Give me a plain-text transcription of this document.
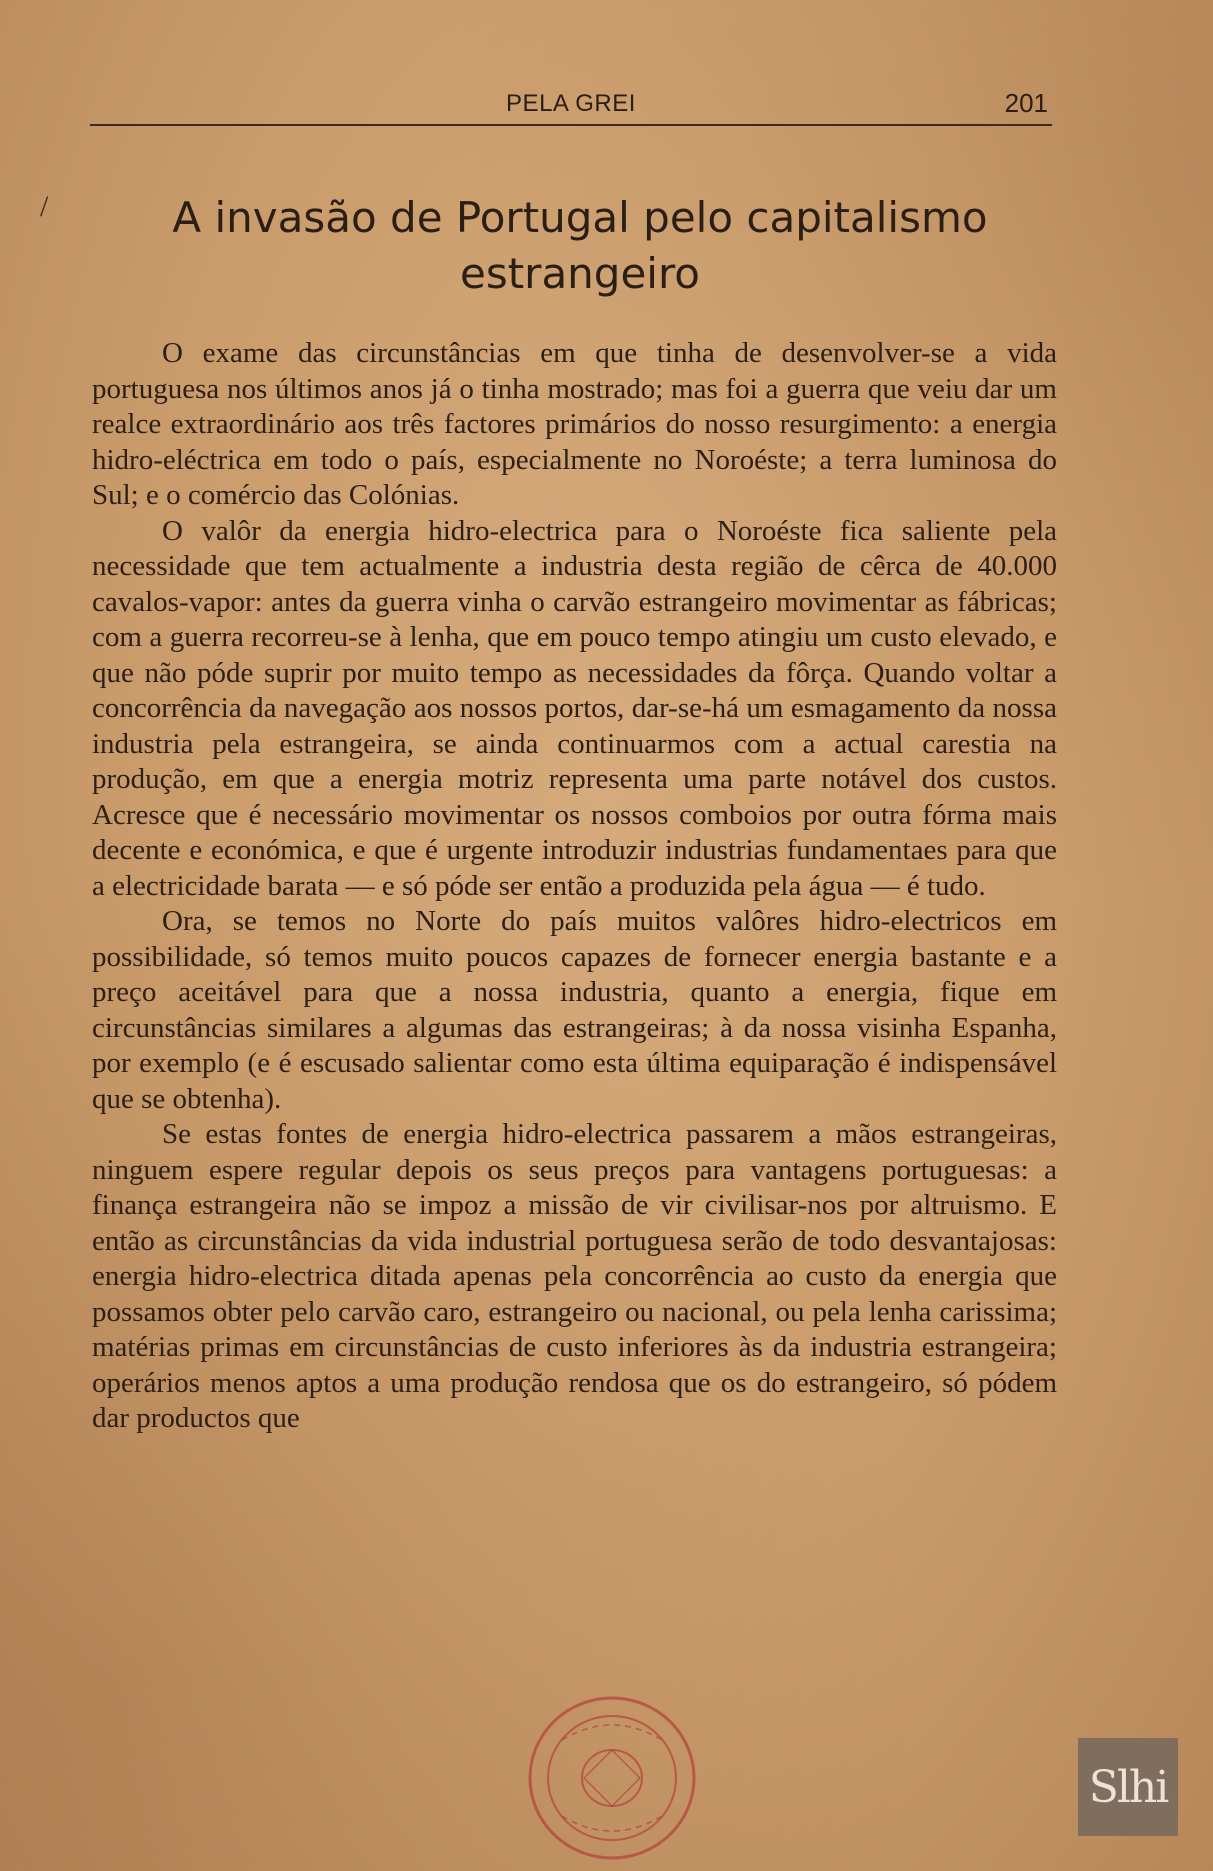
PELA GREI	201
/	A invasão de Portugal pelo capitalismo estrangeiro

O exame das circunstâncias em que tinha de desenvolver-se a vida portuguesa nos últimos anos já o tinha mostrado; mas foi a guerra que veiu dar um realce extraordinário aos três factores primários do nosso resurgimento: a energia hidro-eléctrica em todo o país, especialmente no Noroéste; a terra luminosa do Sul; e o comércio das Colónias.

O valôr da energia hidro-electrica para o Noroéste fica saliente pela necessidade que tem actualmente a industria desta região de cêrca de 40.000 cavalos-vapor: antes da guerra vinha o carvão estrangeiro movimentar as fábricas; com a guerra recorreu-se à lenha, que em pouco tempo atingiu um custo elevado, e que não póde suprir por muito tempo as necessidades da fôrça. Quando voltar a concorrência da navegação aos nossos portos, dar-se-há um esmagamento da nossa industria pela estrangeira, se ainda continuarmos com a actual carestia na produção, em que a energia motriz representa uma parte notável dos custos. Acresce que é necessário movimentar os nossos comboios por outra fórma mais decente e económica, e que é urgente introduzir industrias fundamentaes para que a electricidade barata — e só póde ser então a produzida pela água — é tudo.

Ora, se temos no Norte do país muitos valôres hidro-electricos em possibilidade, só temos muito poucos capazes de fornecer energia bastante e a preço aceitável para que a nossa industria, quanto a energia, fique em circunstâncias similares a algumas das estrangeiras; à da nossa visinha Espanha, por exemplo (e é escusado salientar como esta última equiparação é indispensável que se obtenha).

Se estas fontes de energia hidro-electrica passarem a mãos estrangeiras, ninguem espere regular depois os seus preços para vantagens portuguesas: a finança estrangeira não se impoz a missão de vir civilisar-nos por altruismo. E então as circunstâncias da vida industrial portuguesa serão de todo desvantajosas: energia hidro-electrica ditada apenas pela concorrência ao custo da energia que possamos obter pelo carvão caro, estrangeiro ou nacional, ou pela lenha carissima; matérias primas em circunstâncias de custo inferiores às da industria estrangeira; operários menos aptos a uma produção rendosa que os do estrangeiro, só pódem dar productos que

Slhi
